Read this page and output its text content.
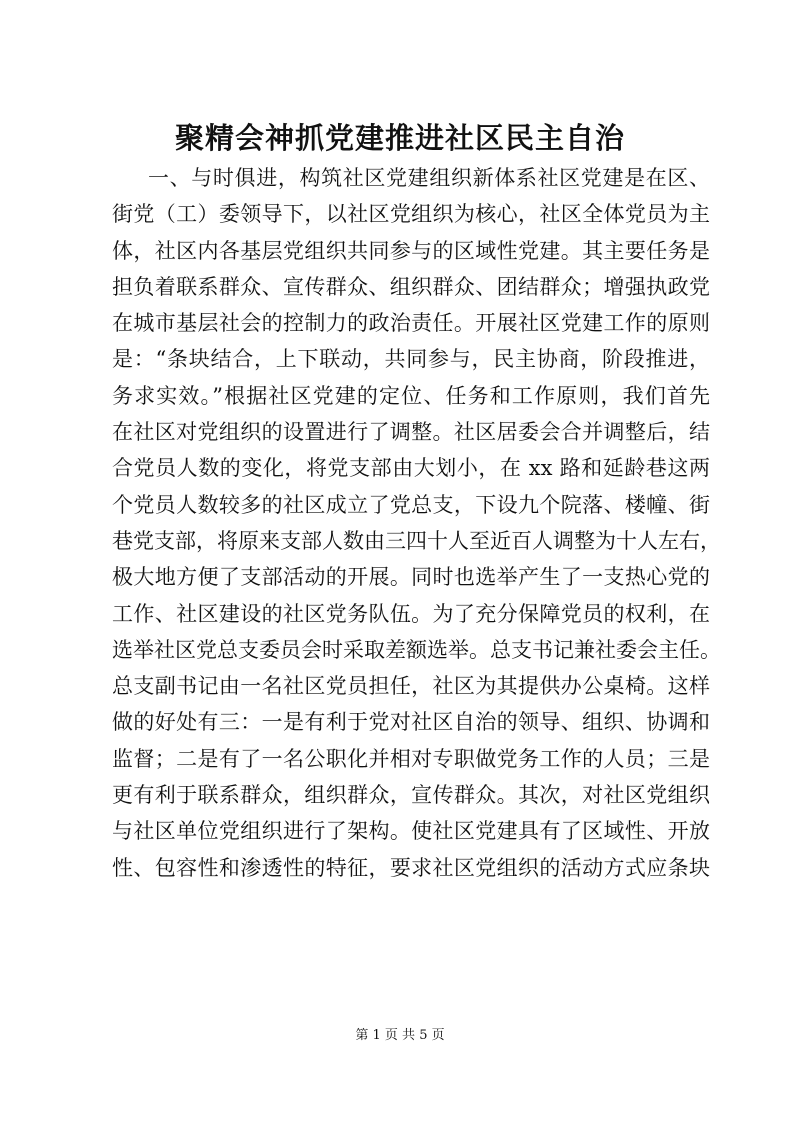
聚精会神抓党建推进社区民主自治
一、与时俱进，构筑社区党建组织新体系社区党建是在区、
街党（工）委领导下，以社区党组织为核心，社区全体党员为主
体，社区内各基层党组织共同参与的区域性党建。其主要任务是
担负着联系群众、宣传群众、组织群众、团结群众；增强执政党
在城市基层社会的控制力的政治责任。开展社区党建工作的原则
是：“条块结合，上下联动，共同参与，民主协商，阶段推进，
务求实效。”根据社区党建的定位、任务和工作原则，我们首先
在社区对党组织的设置进行了调整。社区居委会合并调整后，结
合党员人数的变化，将党支部由大划小，在 xx 路和延龄巷这两
个党员人数较多的社区成立了党总支，下设九个院落、楼幢、街
巷党支部，将原来支部人数由三四十人至近百人调整为十人左右，
极大地方便了支部活动的开展。同时也选举产生了一支热心党的
工作、社区建设的社区党务队伍。为了充分保障党员的权利，在
选举社区党总支委员会时采取差额选举。总支书记兼社委会主任。
总支副书记由一名社区党员担任，社区为其提供办公桌椅。这样
做的好处有三：一是有利于党对社区自治的领导、组织、协调和
监督；二是有了一名公职化并相对专职做党务工作的人员；三是
更有利于联系群众，组织群众，宣传群众。其次，对社区党组织
与社区单位党组织进行了架构。使社区党建具有了区域性、开放
性、包容性和渗透性的特征，要求社区党组织的活动方式应条块
第 1 页 共 5 页
